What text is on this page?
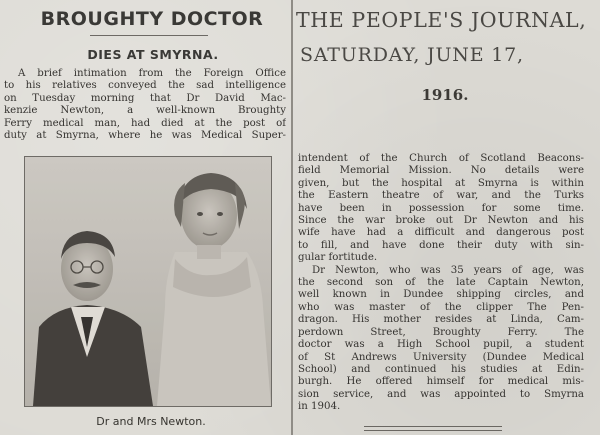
BROUGHTY DOCTOR
DIES AT SMYRNA.
A brief intimation from the Foreign Office
to his relatives conveyed the sad intelligence
on Tuesday morning that Dr David Mac-
kenzie Newton, a well-known Broughty
Ferry medical man, had died at the post of
duty at Smyrna, where he was Medical Super-
Dr and Mrs Newton.
THE PEOPLE'S JOURNAL,
SATURDAY, JUNE 17,
1916.
intendent of the Church of Scotland Beacons-
field Memorial Mission. No details were
given, but the hospital at Smyrna is within
the Eastern theatre of war, and the Turks
have been in possession for some time.
Since the war broke out Dr Newton and his
wife have had a difficult and dangerous post
to fill, and have done their duty with sin-
gular fortitude.
Dr Newton, who was 35 years of age, was
the second son of the late Captain Newton,
well known in Dundee shipping circles, and
who was master of the clipper The Pen-
dragon. His mother resides at Linda, Cam-
perdown Street, Broughty Ferry. The
doctor was a High School pupil, a student
of St Andrews University (Dundee Medical
School) and continued his studies at Edin-
burgh. He offered himself for medical mis-
sion service, and was appointed to Smyrna
in 1904.
